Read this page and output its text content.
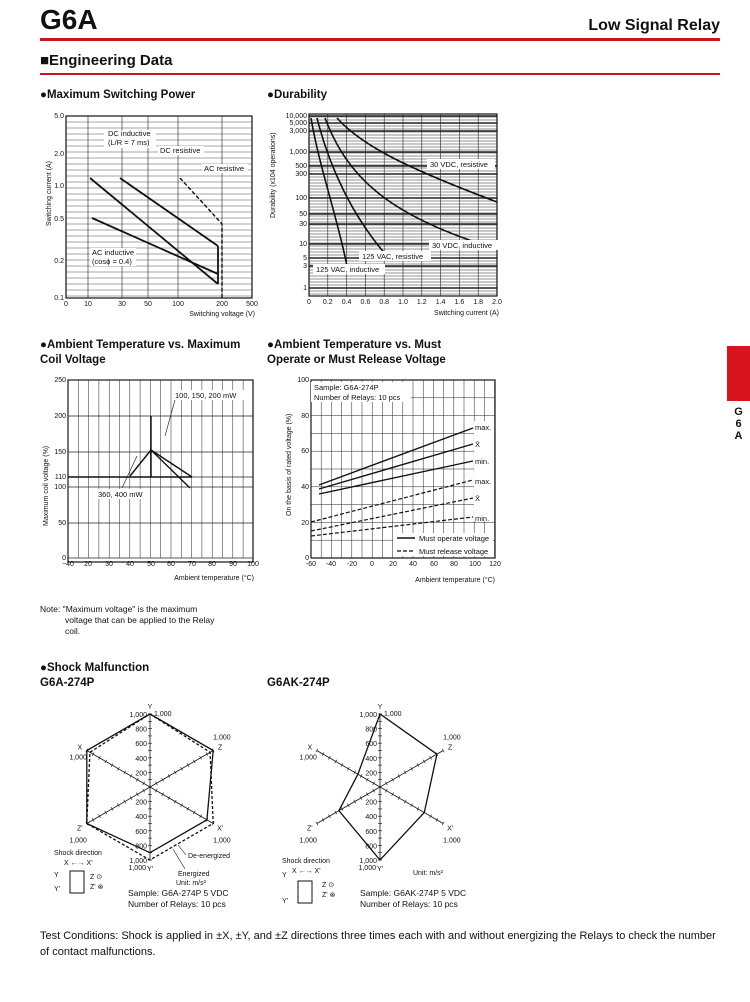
G6A	Low Signal Relay
■Engineering Data
G
6
A
●Maximum Switching Power
DC inductive
(L/R = 7 ms)
DC resistive
AC resistive
AC inductive
(cosϕ = 0.4)
0 10	30	50	100	200	500
5.0
2.0
1.0
0.5
0.2
0.1
Switching voltage (V)
Switching current (A)
●Durability
30 VDC, resistive
30 VDC, inductive
125 VAC, resistive
125 VAC, inductive
0 0.2 0.4 0.6 0.8 1.0 1.2 1.4 1.6 1.8 2.0
10,000
5,000
3,000
1,000
500
300
100
50
30
10
5
3
1
Switching current (A)
Durability (x104 operations)
●Ambient Temperature vs. Maximum
Coil Voltage
100, 150, 200 mW
360, 400 mW
−40 20 30 40 50 60 70 80 90 100
250
200
150
110
100
50
0
Ambient temperature (°C)
Maximum coil voltage (%)
●Ambient Temperature vs. Must
Operate or Must Release Voltage
Sample: G6A-274P
Number of Relays: 10 pcs
max.
X̄
min.
max.
X̄
min.
Must operate voltage
Must release voltage
-60 -40 -20 0 20 40 60 80 100 120
100
80
60
40
20
0
Ambient temperature (°C)
On the basis of rated voltage (%)
Note: "Maximum voltage" is the maximum
voltage that can be applied to the Relay
coil.
●Shock Malfunction
G6A-274P	G6AK-274P
Y
Z
1,000
X'
1,000
Y'
Z'
1,000
X
1,000
1,000
1,000
1,000
1,000
800
800
600
600
400
400
200
200
De-energized
Energized
Unit: m/s²
Shock direction
X ←→ X'
Y
Y'
Z ⊙
Z' ⊗
Y
Z
1,000
X'
1,000
Y'
Z'
1,000
X
1,000
1,000
1,000
1,000
1,000
800
800
600
600
400
400
200
200
Unit: m/s²
Shock direction
X ←→ X'
Y
Y'
Z ⊙
Z' ⊗
Sample: G6A-274P 5 VDC
Number of Relays: 10 pcs
Sample: G6AK-274P 5 VDC
Number of Relays: 10 pcs
Test Conditions: Shock is applied in ±X, ±Y, and ±Z directions three times each with and without energizing the Relays to check the number of contact malfunctions.
